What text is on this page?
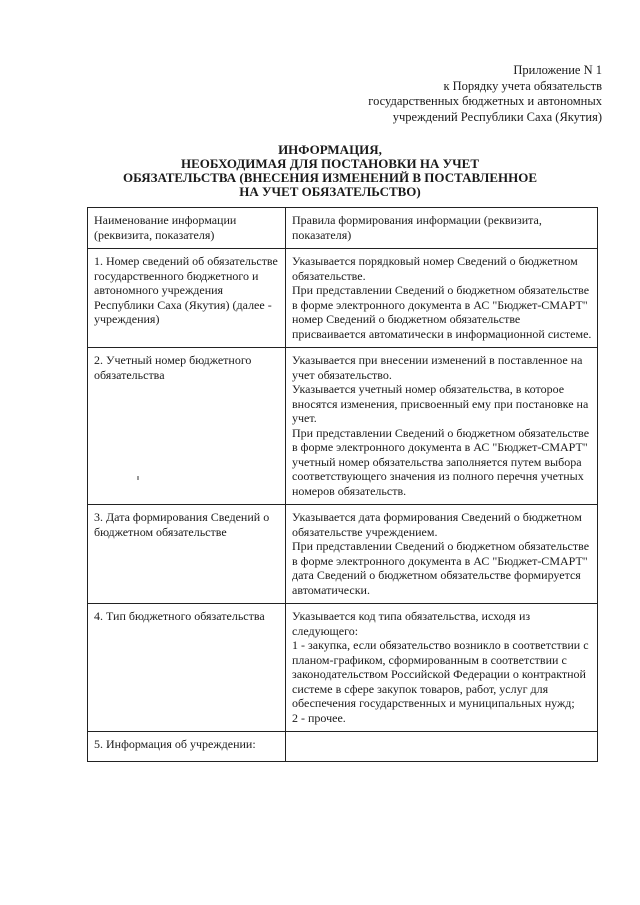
Приложение N 1
к Порядку учета обязательств
государственных бюджетных и автономных
учреждений Республики Саха (Якутия)
ИНФОРМАЦИЯ,
НЕОБХОДИМАЯ ДЛЯ ПОСТАНОВКИ НА УЧЕТ
ОБЯЗАТЕЛЬСТВА (ВНЕСЕНИЯ ИЗМЕНЕНИЙ В ПОСТАВЛЕННОЕ
НА УЧЕТ ОБЯЗАТЕЛЬСТВО)
Наименование информации (реквизита, показателя)	Правила формирования информации (реквизита, показателя)
1. Номер сведений об обязательстве государственного бюджетного и автономного учреждения Республики Саха (Якутия) (далее - учреждения)	Указывается порядковый номер Сведений о бюджетном обязательстве.
При представлении Сведений о бюджетном обязательстве в форме электронного документа в АС "Бюджет-СМАРТ" номер Сведений о бюджетном обязательстве присваивается автоматически в информационной системе.

2. Учетный номер бюджетного обязательства	Указывается при внесении изменений в поставленное на учет обязательство.
Указывается учетный номер обязательства, в которое вносятся изменения, присвоенный ему при постановке на учет.
При представлении Сведений о бюджетном обязательстве в форме электронного документа в АС "Бюджет-СМАРТ" учетный номер обязательства заполняется путем выбора соответствующего значения из полного перечня учетных номеров обязательств.

3. Дата формирования Сведений о бюджетном обязательстве	Указывается дата формирования Сведений о бюджетном обязательстве учреждением.
При представлении Сведений о бюджетном обязательстве в форме электронного документа в АС "Бюджет-СМАРТ" дата Сведений о бюджетном обязательстве формируется автоматически.

4. Тип бюджетного обязательства	Указывается код типа обязательства, исходя из следующего:
1 - закупка, если обязательство возникло в соответствии с планом-графиком, сформированным в соответствии с законодательством Российской Федерации о контрактной системе в сфере закупок товаров, работ, услуг для обеспечения государственных и муниципальных нужд;
2 - прочее.

5. Информация об учреждении:	
